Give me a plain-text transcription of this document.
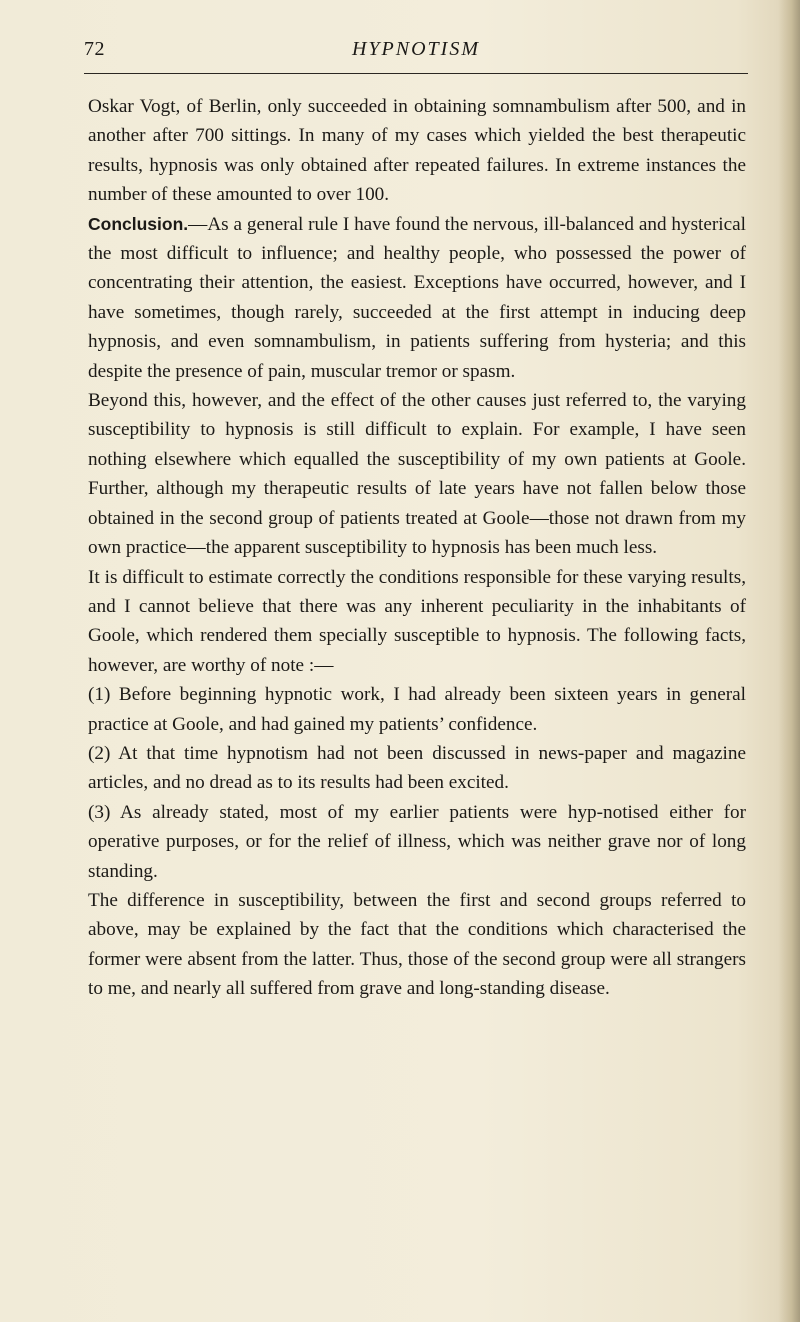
72	HYPNOTISM

Oskar Vogt, of Berlin, only succeeded in obtaining somnambulism after 500, and in another after 700 sittings. In many of my cases which yielded the best therapeutic results, hypnosis was only obtained after repeated failures. In extreme instances the number of these amounted to over 100.

Conclusion.—As a general rule I have found the nervous, ill-balanced and hysterical the most difficult to influence; and healthy people, who possessed the power of concentrating their attention, the easiest. Exceptions have occurred, however, and I have sometimes, though rarely, succeeded at the first attempt in inducing deep hypnosis, and even somnambulism, in patients suffering from hysteria; and this despite the presence of pain, muscular tremor or spasm.

Beyond this, however, and the effect of the other causes just referred to, the varying susceptibility to hypnosis is still difficult to explain. For example, I have seen nothing elsewhere which equalled the susceptibility of my own patients at Goole. Further, although my therapeutic results of late years have not fallen below those obtained in the second group of patients treated at Goole—those not drawn from my own practice—the apparent susceptibility to hypnosis has been much less.

It is difficult to estimate correctly the conditions responsible for these varying results, and I cannot believe that there was any inherent peculiarity in the inhabitants of Goole, which rendered them specially susceptible to hypnosis. The following facts, however, are worthy of note :—

(1) Before beginning hypnotic work, I had already been sixteen years in general practice at Goole, and had gained my patients’ confidence.

(2) At that time hypnotism had not been discussed in news-paper and magazine articles, and no dread as to its results had been excited.

(3) As already stated, most of my earlier patients were hyp-notised either for operative purposes, or for the relief of illness, which was neither grave nor of long standing.

The difference in susceptibility, between the first and second groups referred to above, may be explained by the fact that the conditions which characterised the former were absent from the latter. Thus, those of the second group were all strangers to me, and nearly all suffered from grave and long-standing disease.
